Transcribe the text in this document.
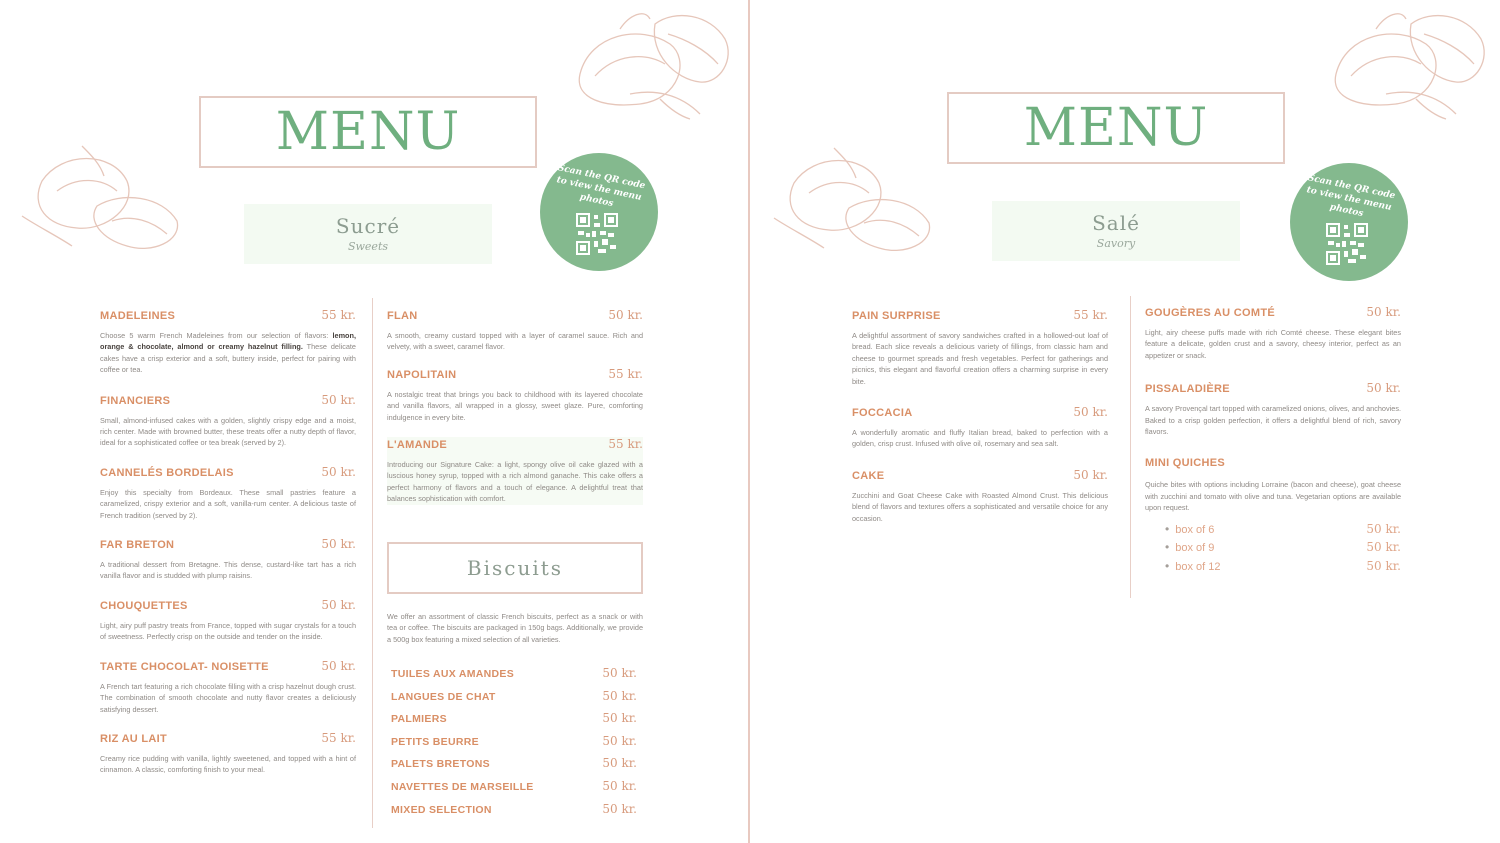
MENU
Scan the QR code to view the menu photos
Sucré
Sweets
MADELEINES	55 kr.
Choose 5 warm French Madeleines from our selection of flavors: lemon, orange & chocolate, almond or creamy hazelnut filling. These delicate cakes have a crisp exterior and a soft, buttery inside, perfect for pairing with coffee or tea.
FINANCIERS	50 kr.
Small, almond-infused cakes with a golden, slightly crispy edge and a moist, rich center. Made with browned butter, these treats offer a nutty depth of flavor, ideal for a sophisticated coffee or tea break (served by 2).
CANNELÉS BORDELAIS	50 kr.
Enjoy this specialty from Bordeaux. These small pastries feature a caramelized, crispy exterior and a soft, vanilla-rum center. A delicious taste of French tradition (served by 2).
FAR BRETON	50 kr.
A traditional dessert from Bretagne. This dense, custard-like tart has a rich vanilla flavor and is studded with plump raisins.
CHOUQUETTES	50 kr.
Light, airy puff pastry treats from France, topped with sugar crystals for a touch of sweetness. Perfectly crisp on the outside and tender on the inside.
TARTE CHOCOLAT- NOISETTE	50 kr.
A French tart featuring a rich chocolate filling with a crisp hazelnut dough crust. The combination of smooth chocolate and nutty flavor creates a deliciously satisfying dessert.
RIZ AU LAIT	55 kr.
Creamy rice pudding with vanilla, lightly sweetened, and topped with a hint of cinnamon. A classic, comforting finish to your meal.
FLAN	50 kr.
A smooth, creamy custard topped with a layer of caramel sauce. Rich and velvety, with a sweet, caramel flavor.
NAPOLITAIN	55 kr.
A nostalgic treat that brings you back to childhood with its layered chocolate and vanilla flavors, all wrapped in a glossy, sweet glaze. Pure, comforting indulgence in every bite.
L'AMANDE	55 kr.
Introducing our Signature Cake: a light, spongy olive oil cake glazed with a luscious honey syrup, topped with a rich almond ganache. This cake offers a perfect harmony of flavors and a touch of elegance. A delightful treat that balances sophistication with comfort.
Biscuits
We offer an assortment of classic French biscuits, perfect as a snack or with tea or coffee. The biscuits are packaged in 150g bags. Additionally, we provide a 500g box featuring a mixed selection of all varieties.
TUILES AUX AMANDES	50 kr.
LANGUES DE CHAT	50 kr.
PALMIERS	50 kr.
PETITS BEURRE	50 kr.
PALETS BRETONS	50 kr.
NAVETTES DE MARSEILLE	50 kr.
MIXED SELECTION	50 kr.
MENU
Scan the QR code to view the menu photos
Salé
Savory
PAIN SURPRISE	55 kr.
A delightful assortment of savory sandwiches crafted in a hollowed-out loaf of bread. Each slice reveals a delicious variety of fillings, from classic ham and cheese to gourmet spreads and fresh vegetables. Perfect for gatherings and picnics, this elegant and flavorful creation offers a charming surprise in every bite.
FOCCACIA	50 kr.
A wonderfully aromatic and fluffy Italian bread, baked to perfection with a golden, crisp crust. Infused with olive oil, rosemary and sea salt.
CAKE	50 kr.
Zucchini and Goat Cheese Cake with Roasted Almond Crust. This delicious blend of flavors and textures offers a sophisticated and versatile choice for any occasion.
GOUGÈRES AU COMTÉ	50 kr.
Light, airy cheese puffs made with rich Comté cheese. These elegant bites feature a delicate, golden crust and a savory, cheesy interior, perfect as an appetizer or snack.
PISSALADIÈRE	50 kr.
A savory Provençal tart topped with caramelized onions, olives, and anchovies. Baked to a crisp golden perfection, it offers a delightful blend of rich, savory flavors.
MINI QUICHES
Quiche bites with options including Lorraine (bacon and cheese), goat cheese with zucchini and tomato with olive and tuna. Vegetarian options are available upon request.
• box of 6	50 kr.
• box of 9	50 kr.
• box of 12	50 kr.
